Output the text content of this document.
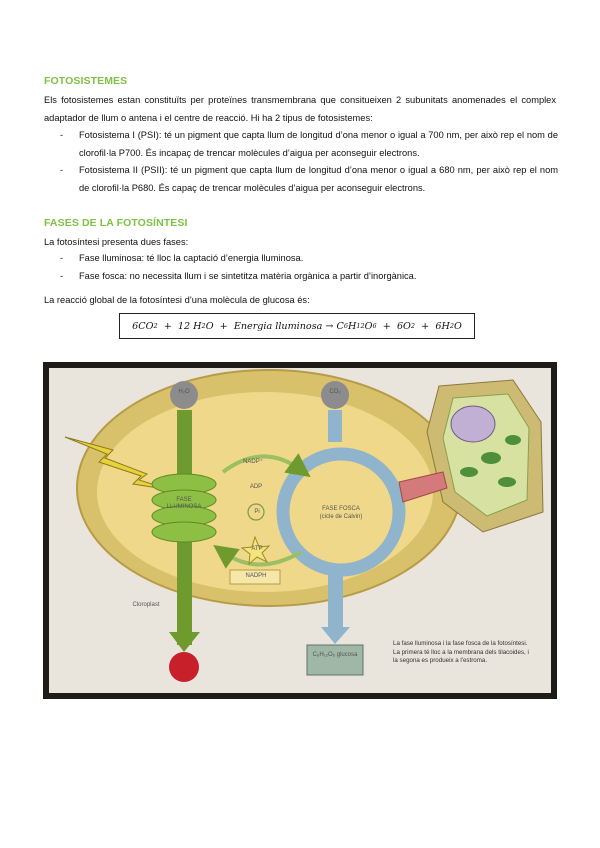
FOTOSISTEMES
Els fotosistemes estan constituïts per proteïnes transmembrana que consitueixen 2 subunitats anomenades el complex adaptador de llum o antena i el centre de reacció. Hi ha 2 tipus de fotosistemes:
- Fotosistema I (PSI): té un pigment que capta llum de longitud d’ona menor o igual a 700 nm, per això rep el nom de clorofil·la P700. És incapaç de trencar molècules d’aigua per aconseguir electrons.
- Fotosistema II (PSII): té un pigment que capta llum de longitud d’ona menor o igual a 680 nm, per això rep el nom de clorofil·la P680. És capaç de trencar molècules d’aigua per aconseguir electrons.
FASES DE LA FOTOSÍNTESI
La fotosíntesi presenta dues fases:
- Fase lluminosa: té lloc la captació d’energia lluminosa.
- Fase fosca: no necessita llum i se sintetitza matèria orgànica a partir d’inorgànica.
La reacció global de la fotosíntesi d’una molècula de glucosa és:
6 CO 2
+
12
H 2 O
+
Energia lluminosa
→
C 6 H 12 O 6
+
6 O 2
+
6 H 2 O
H₂O	CO₂
NADP⁺
ADP
Pi
ATP
NADPH
FASE LLUMINOSA	FASE FOSCA
(cicle de Calvin)
Cloroplast
C₆H₁₂O₆ glucosa
La fase lluminosa i la fase fosca de la fotosíntesi. La primera té lloc a la membrana dels tilacoides, i la segona es produeix a l'estroma.
